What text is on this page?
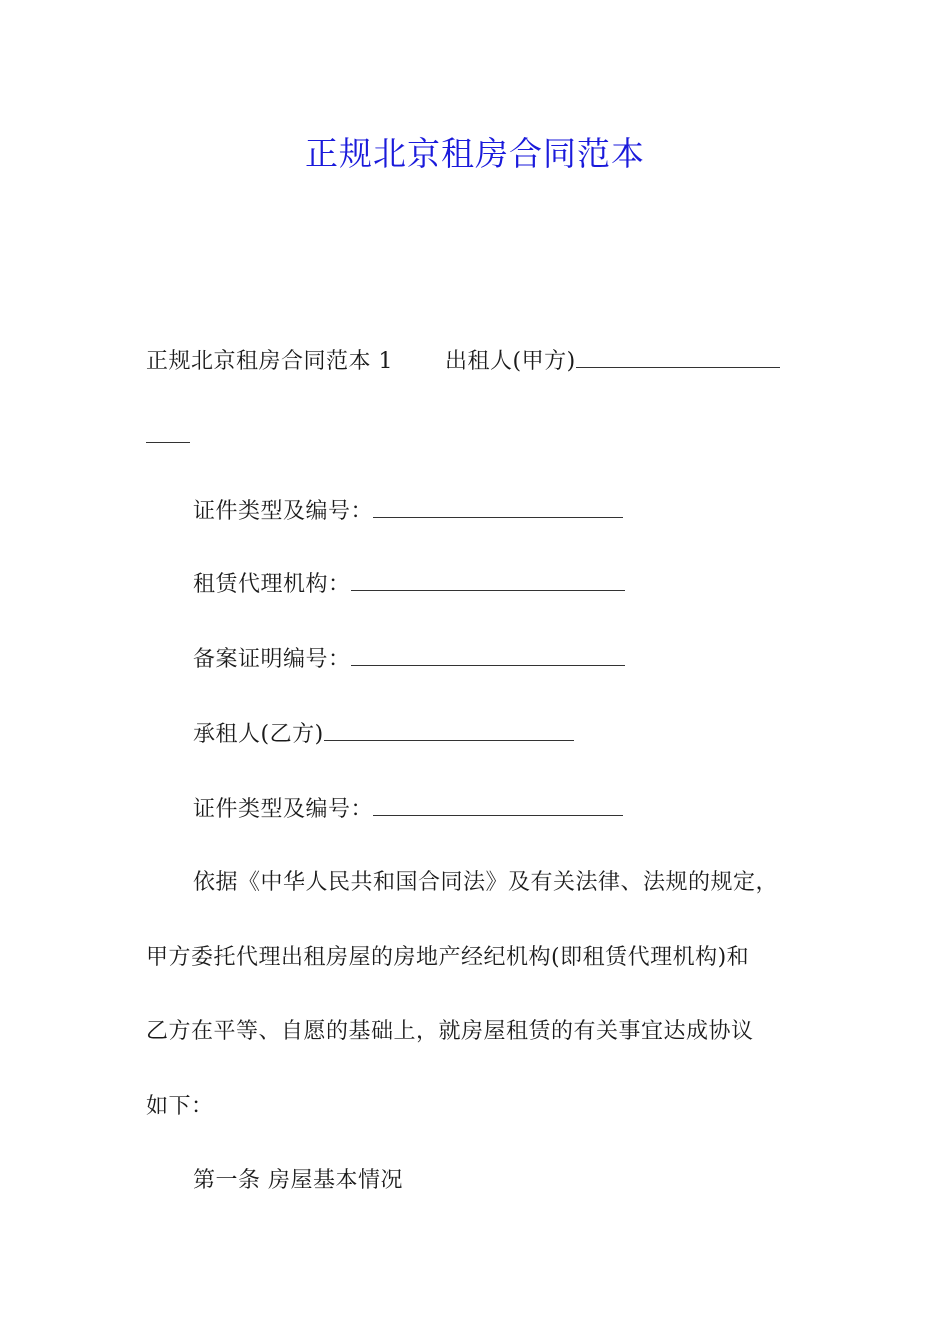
正规北京租房合同范本
正规北京租房合同范本 1 出租人(甲方)
证件类型及编号：
租赁代理机构：
备案证明编号：
承租人(乙方)
证件类型及编号：
依据《中华人民共和国合同法》及有关法律、法规的规定，
甲方委托代理出租房屋的房地产经纪机构(即租赁代理机构)和
乙方在平等、自愿的基础上，就房屋租赁的有关事宜达成协议
如下：
第一条 房屋基本情况
